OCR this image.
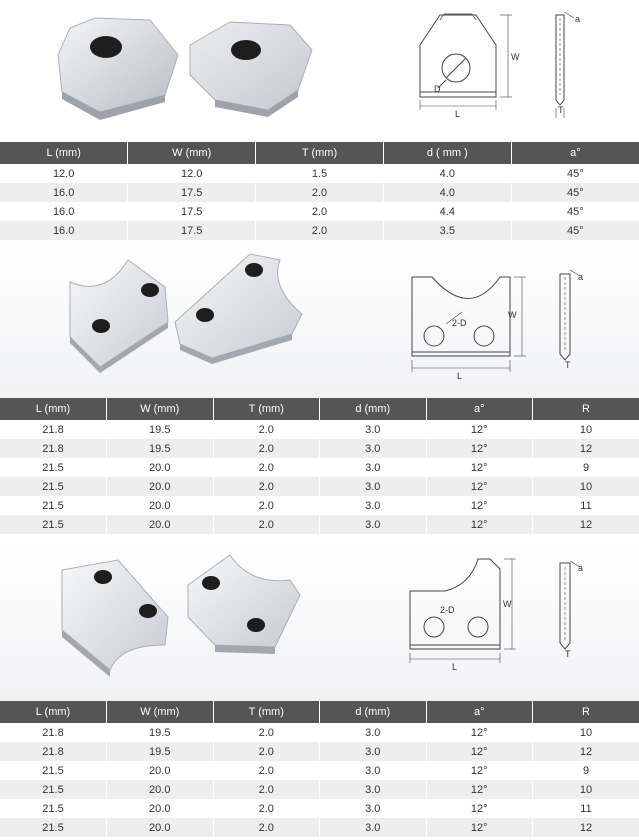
D
L
W
a
T
L (mm)	W (mm)	T (mm)	d ( mm )	a°
12.0	12.0	1.5	4.0	45°
16.0	17.5	2.0	4.0	45°
16.0	17.5	2.0	4.4	45°
16.0	17.5	2.0	3.5	45°
2-D
L
W
a
T
L (mm)	W (mm)	T (mm)	d (mm)	a°	R
21.8	19.5	2.0	3.0	12°	10
21.8	19.5	2.0	3.0	12°	12
21.5	20.0	2.0	3.0	12°	9
21.5	20.0	2.0	3.0	12°	10
21.5	20.0	2.0	3.0	12°	11
21.5	20.0	2.0	3.0	12°	12
2-D
L
W
a
T
L (mm)	W (mm)	T (mm)	d (mm)	a°	R
21.8	19.5	2.0	3.0	12°	10
21.8	19.5	2.0	3.0	12°	12
21.5	20.0	2.0	3.0	12°	9
21.5	20.0	2.0	3.0	12°	10
21.5	20.0	2.0	3.0	12°	11
21.5	20.0	2.0	3.0	12°	12
